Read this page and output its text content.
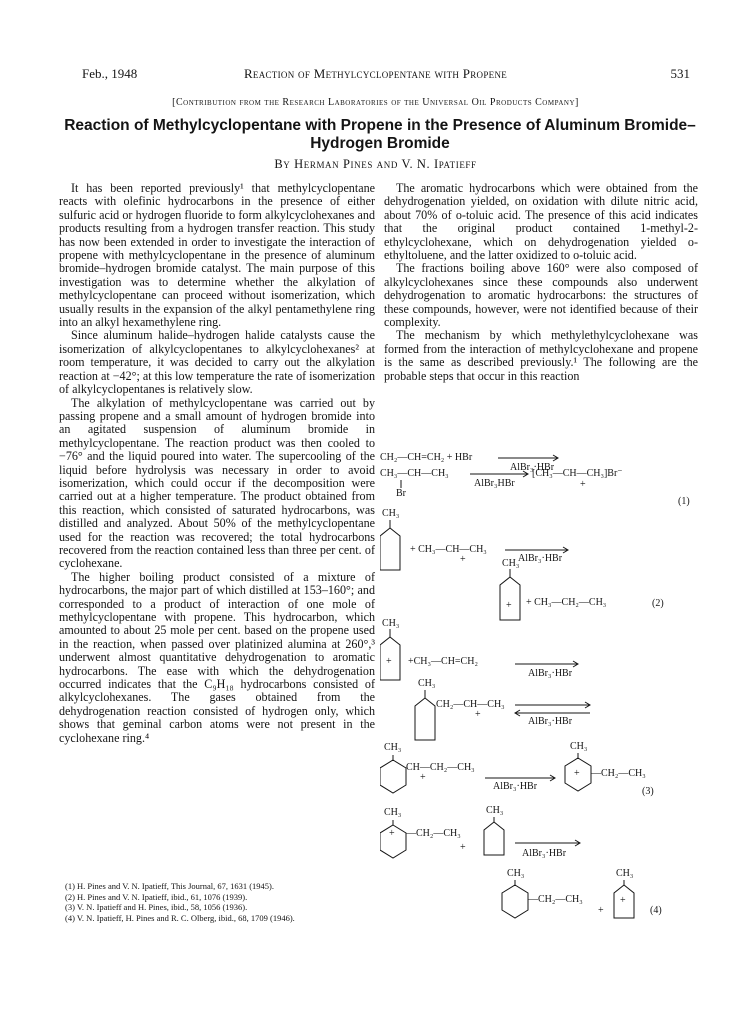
Feb., 1948	Reaction of Methylcyclopentane with Propene	531
[Contribution from the Research Laboratories of the Universal Oil Products Company]
Reaction of Methylcyclopentane with Propene in the Presence of Aluminum Bromide–Hydrogen Bromide
By Herman Pines and V. N. Ipatieff

It has been reported previously¹ that methylcyclopentane reacts with olefinic hydrocarbons in the presence of either sulfuric acid or hydrogen fluoride to form alkylcyclohexanes and products resulting from a hydrogen transfer reaction. This study has now been extended in order to investigate the interaction of propene with methylcyclopentane in the presence of aluminum bromide–hydrogen bromide catalyst. The main purpose of this investigation was to determine whether the alkylation of methylcyclopentane can proceed without isomerization, which usually results in the expansion of the alkyl pentamethylene ring into an alkyl hexamethylene ring.

Since aluminum halide–hydrogen halide catalysts cause the isomerization of alkylcyclopentanes to alkylcyclohexanes² at room temperature, it was decided to carry out the alkylation reaction at −42°; at this low temperature the rate of isomerization of alkylcyclopentanes is relatively slow.

The alkylation of methylcyclopentane was carried out by passing propene and a small amount of hydrogen bromide into an agitated suspension of aluminum bromide in methylcyclopentane. The reaction product was then cooled to −76° and the liquid poured into water. The supercooling of the liquid before hydrolysis was necessary in order to avoid isomerization, which could occur if the decomposition were carried out at a higher temperature. The product obtained from this reaction, which consisted of saturated hydrocarbons, was distilled and analyzed. About 50% of the methylcyclopentane used for the reaction was recovered; the total hydrocarbons recovered from the reaction contained less than three per cent. of cyclohexane.

The higher boiling product consisted of a mixture of hydrocarbons, the major part of which distilled at 153–160°; and corresponded to a product of interaction of one mole of methylcyclopentane with propene. This hydrocarbon, which amounted to about 25 mole per cent. based on the propene used in the reaction, when passed over platinized alumina at 260°,³ underwent almost quantitative dehydrogenation to aromatic hydrocarbons. The ease with which the dehydrogenation occurred indicates that the C₉H₁₈ hydrocarbons consisted of alkylcyclohexanes. The gases obtained from the dehydrogenation reaction consisted of hydrogen only, which shows that geminal carbon atoms were not present in the cyclohexane ring.⁴

(1) H. Pines and V. N. Ipatieff, This Journal, 67, 1631 (1945).
(2) H. Pines and V. N. Ipatieff, ibid., 61, 1076 (1939).
(3) V. N. Ipatieff and H. Pines, ibid., 58, 1056 (1936).
(4) V. N. Ipatieff, H. Pines and R. C. Olberg, ibid., 68, 1709 (1946).

The aromatic hydrocarbons which were obtained from the dehydrogenation yielded, on oxidation with dilute nitric acid, about 70% of o-toluic acid. The presence of this acid indicates that the original product contained 1-methyl-2-ethylcyclohexane, which on dehydrogenation yielded o-ethyltoluene, and the latter oxidized to o-toluic acid.

The fractions boiling above 160° were also composed of alkylcyclohexanes since these compounds also underwent dehydrogenation to aromatic hydrocarbons: the structures of these compounds, however, were not identified because of their complexity.

The mechanism by which methylethylcyclohexane was formed from the interaction of methylcyclohexane and propene is the same as described previously.¹ The following are the probable steps that occur in this reaction

CH₂—CH=CH₂ + HBr
AlBr₃·HBr
CH₃—CH—CH₃
Br
AlBr₃HBr
[CH₃—CH—CH₃]Br⁻
+
(1)
CH₃
+ CH₃—CH—CH₃
+	AlBr₃·HBr
CH₃
+ + CH₃—CH₂—CH₃	(2)
CH₃
+ +CH₃—CH=CH₂
AlBr₃·HBr
CH₃
CH₂—CH—CH₃
+
AlBr₃·HBr
CH₃
CH—CH₂—CH₃
+
AlBr₃·HBr
CH₃
+ —CH₂—CH₃
(3)
CH₃
+ —CH₂—CH₃
+
CH₃
AlBr₃·HBr
CH₃
—CH₂—CH₃
+
CH₃
+
(4)
